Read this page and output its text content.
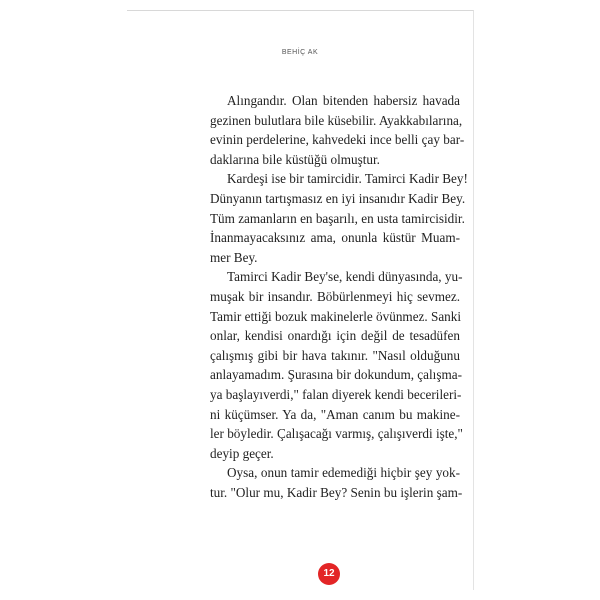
BEHİÇ AK

Alıngandır. Olan bitenden habersiz havada
gezinen bulutlara bile küsebilir. Ayakkabılarına,
evinin perdelerine, kahvedeki ince belli çay bar-
daklarına bile küstüğü olmuştur.

Kardeşi ise bir tamircidir. Tamirci Kadir Bey!
Dünyanın tartışmasız en iyi insanıdır Kadir Bey.
Tüm zamanların en başarılı, en usta tamircisidir.
İnanmayacaksınız ama, onunla küstür Muam-
mer Bey.

Tamirci Kadir Bey'se, kendi dünyasında, yu-
muşak bir insandır. Böbürlenmeyi hiç sevmez.
Tamir ettiği bozuk makinelerle övünmez. Sanki
onlar, kendisi onardığı için değil de tesadüfen
çalışmış gibi bir hava takınır. "Nasıl olduğunu
anlayamadım. Şurasına bir dokundum, çalışma-
ya başlayıverdi," falan diyerek kendi becerileri-
ni küçümser. Ya da, "Aman canım bu makine-
ler böyledir. Çalışacağı varmış, çalışıverdi işte,"
deyip geçer.

Oysa, onun tamir edemediği hiçbir şey yok-
tur. "Olur mu, Kadir Bey? Senin bu işlerin şam-

12
